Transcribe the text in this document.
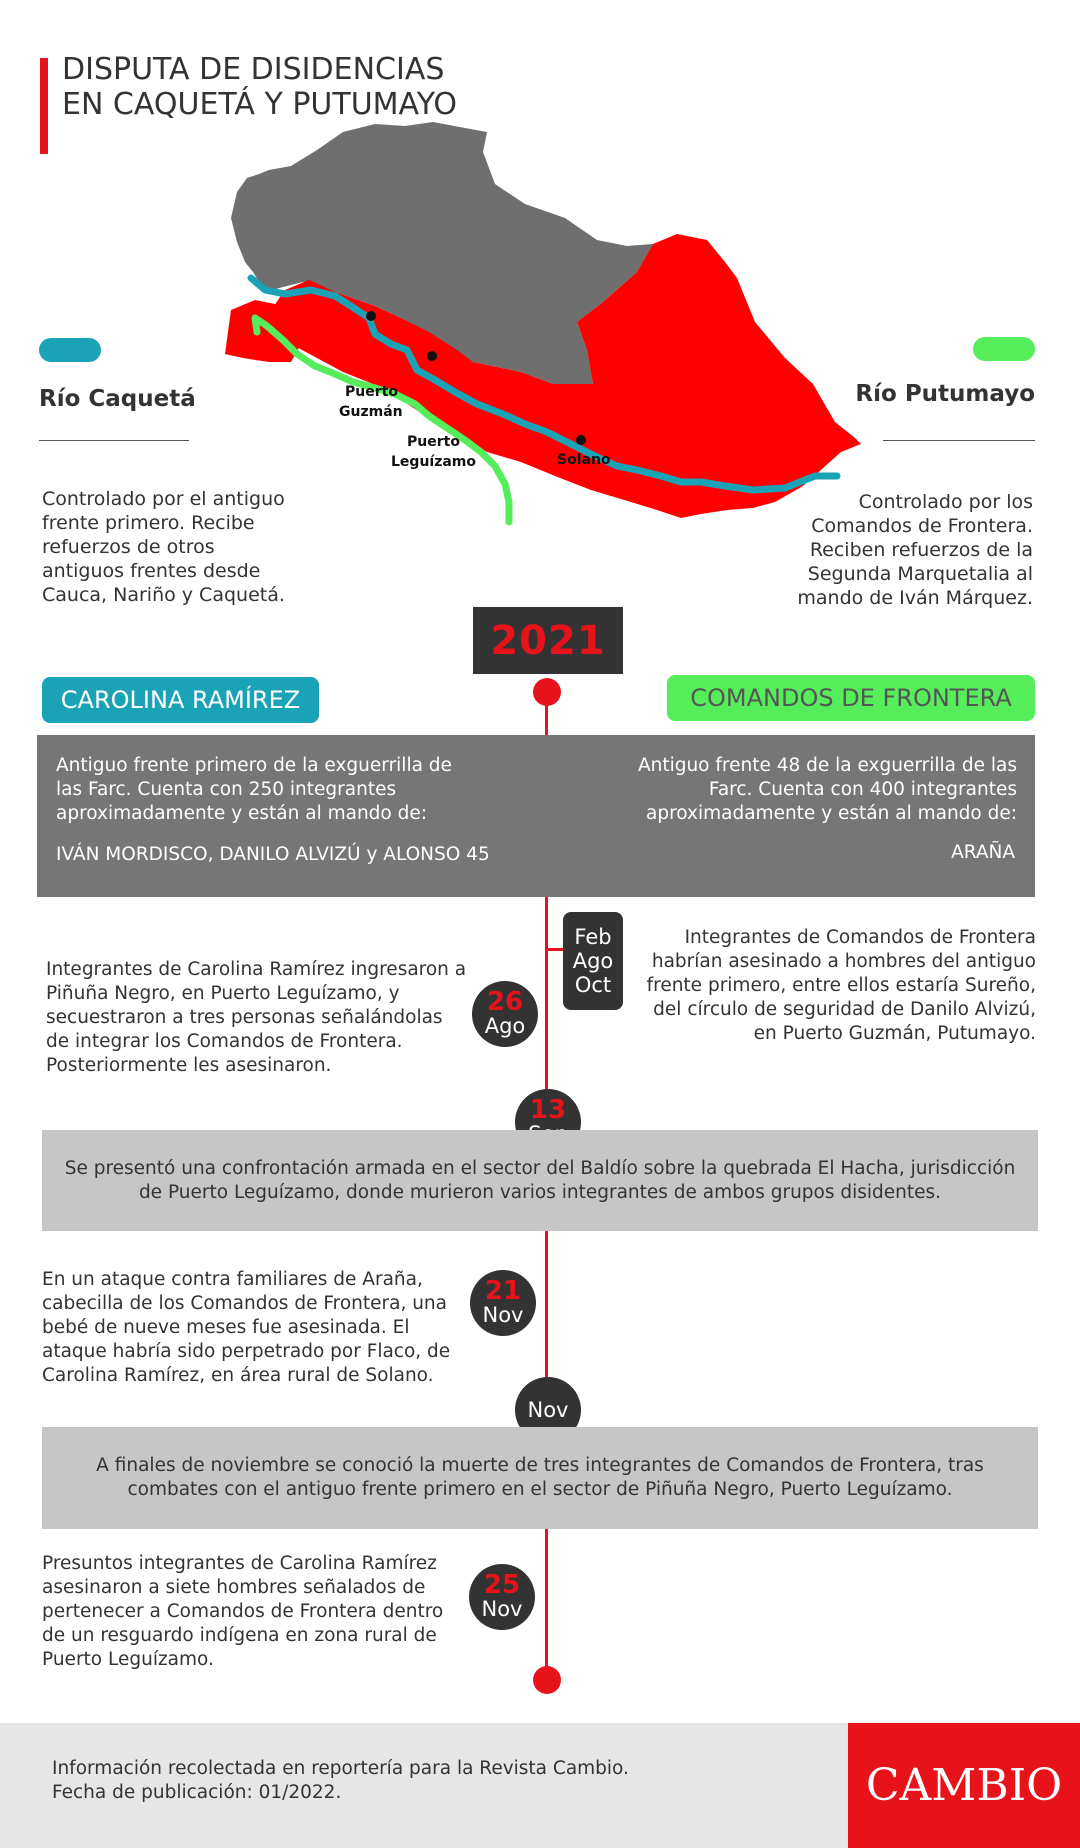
DISPUTA DE DISIDENCIAS EN CAQUETÁ Y PUTUMAYO
Puerto
Guzmán
Puerto
Leguízamo	Solano
Río Caquetá

Controlado por el antiguo frente primero. Recibe refuerzos de otros antiguos frentes desde Cauca, Nariño y Caquetá.

Río Putumayo

Controlado por los Comandos de Frontera. Reciben refuerzos de la Segunda Marquetalia al mando de Iván Márquez.

2021
CAROLINA RAMÍREZ	COMANDOS DE FRONTERA

Antiguo frente primero de la exguerrilla de las Farc. Cuenta con 250 integrantes aproximadamente y están al mando de:

IVÁN MORDISCO, DANILO ALVIZÚ y ALONSO 45

Antiguo frente 48 de la exguerrilla de las Farc. Cuenta con 400 integrantes aproximadamente y están al mando de:

ARAÑA

Feb
Ago
Oct

Integrantes de Comandos de Frontera habrían asesinado a hombres del antiguo frente primero, entre ellos estaría Sureño, del círculo de seguridad de Danilo Alvizú, en Puerto Guzmán, Putumayo.

26
Ago

Integrantes de Carolina Ramírez ingresaron a Piñuña Negro, en Puerto Leguízamo, y secuestraron a tres personas señalándolas de integrar los Comandos de Frontera. Posteriormente les asesinaron.

13

Se presentó una confrontación armada en el sector del Baldío sobre la quebrada El Hacha, jurisdicción de Puerto Leguízamo, donde murieron varios integrantes de ambos grupos disidentes.

21
Nov

En un ataque contra familiares de Araña, cabecilla de los Comandos de Frontera, una bebé de nueve meses fue asesinada. El ataque habría sido perpetrado por Flaco, de Carolina Ramírez, en área rural de Solano.

Nov

A finales de noviembre se conoció la muerte de tres integrantes de Comandos de Frontera, tras combates con el antiguo frente primero en el sector de Piñuña Negro, Puerto Leguízamo.

25
Nov

Presuntos integrantes de Carolina Ramírez asesinaron a siete hombres señalados de pertenecer a Comandos de Frontera dentro de un resguardo indígena en zona rural de Puerto Leguízamo.

Información recolectada en reportería para la Revista Cambio.
Fecha de publicación: 01/2022.	CAMBIO
